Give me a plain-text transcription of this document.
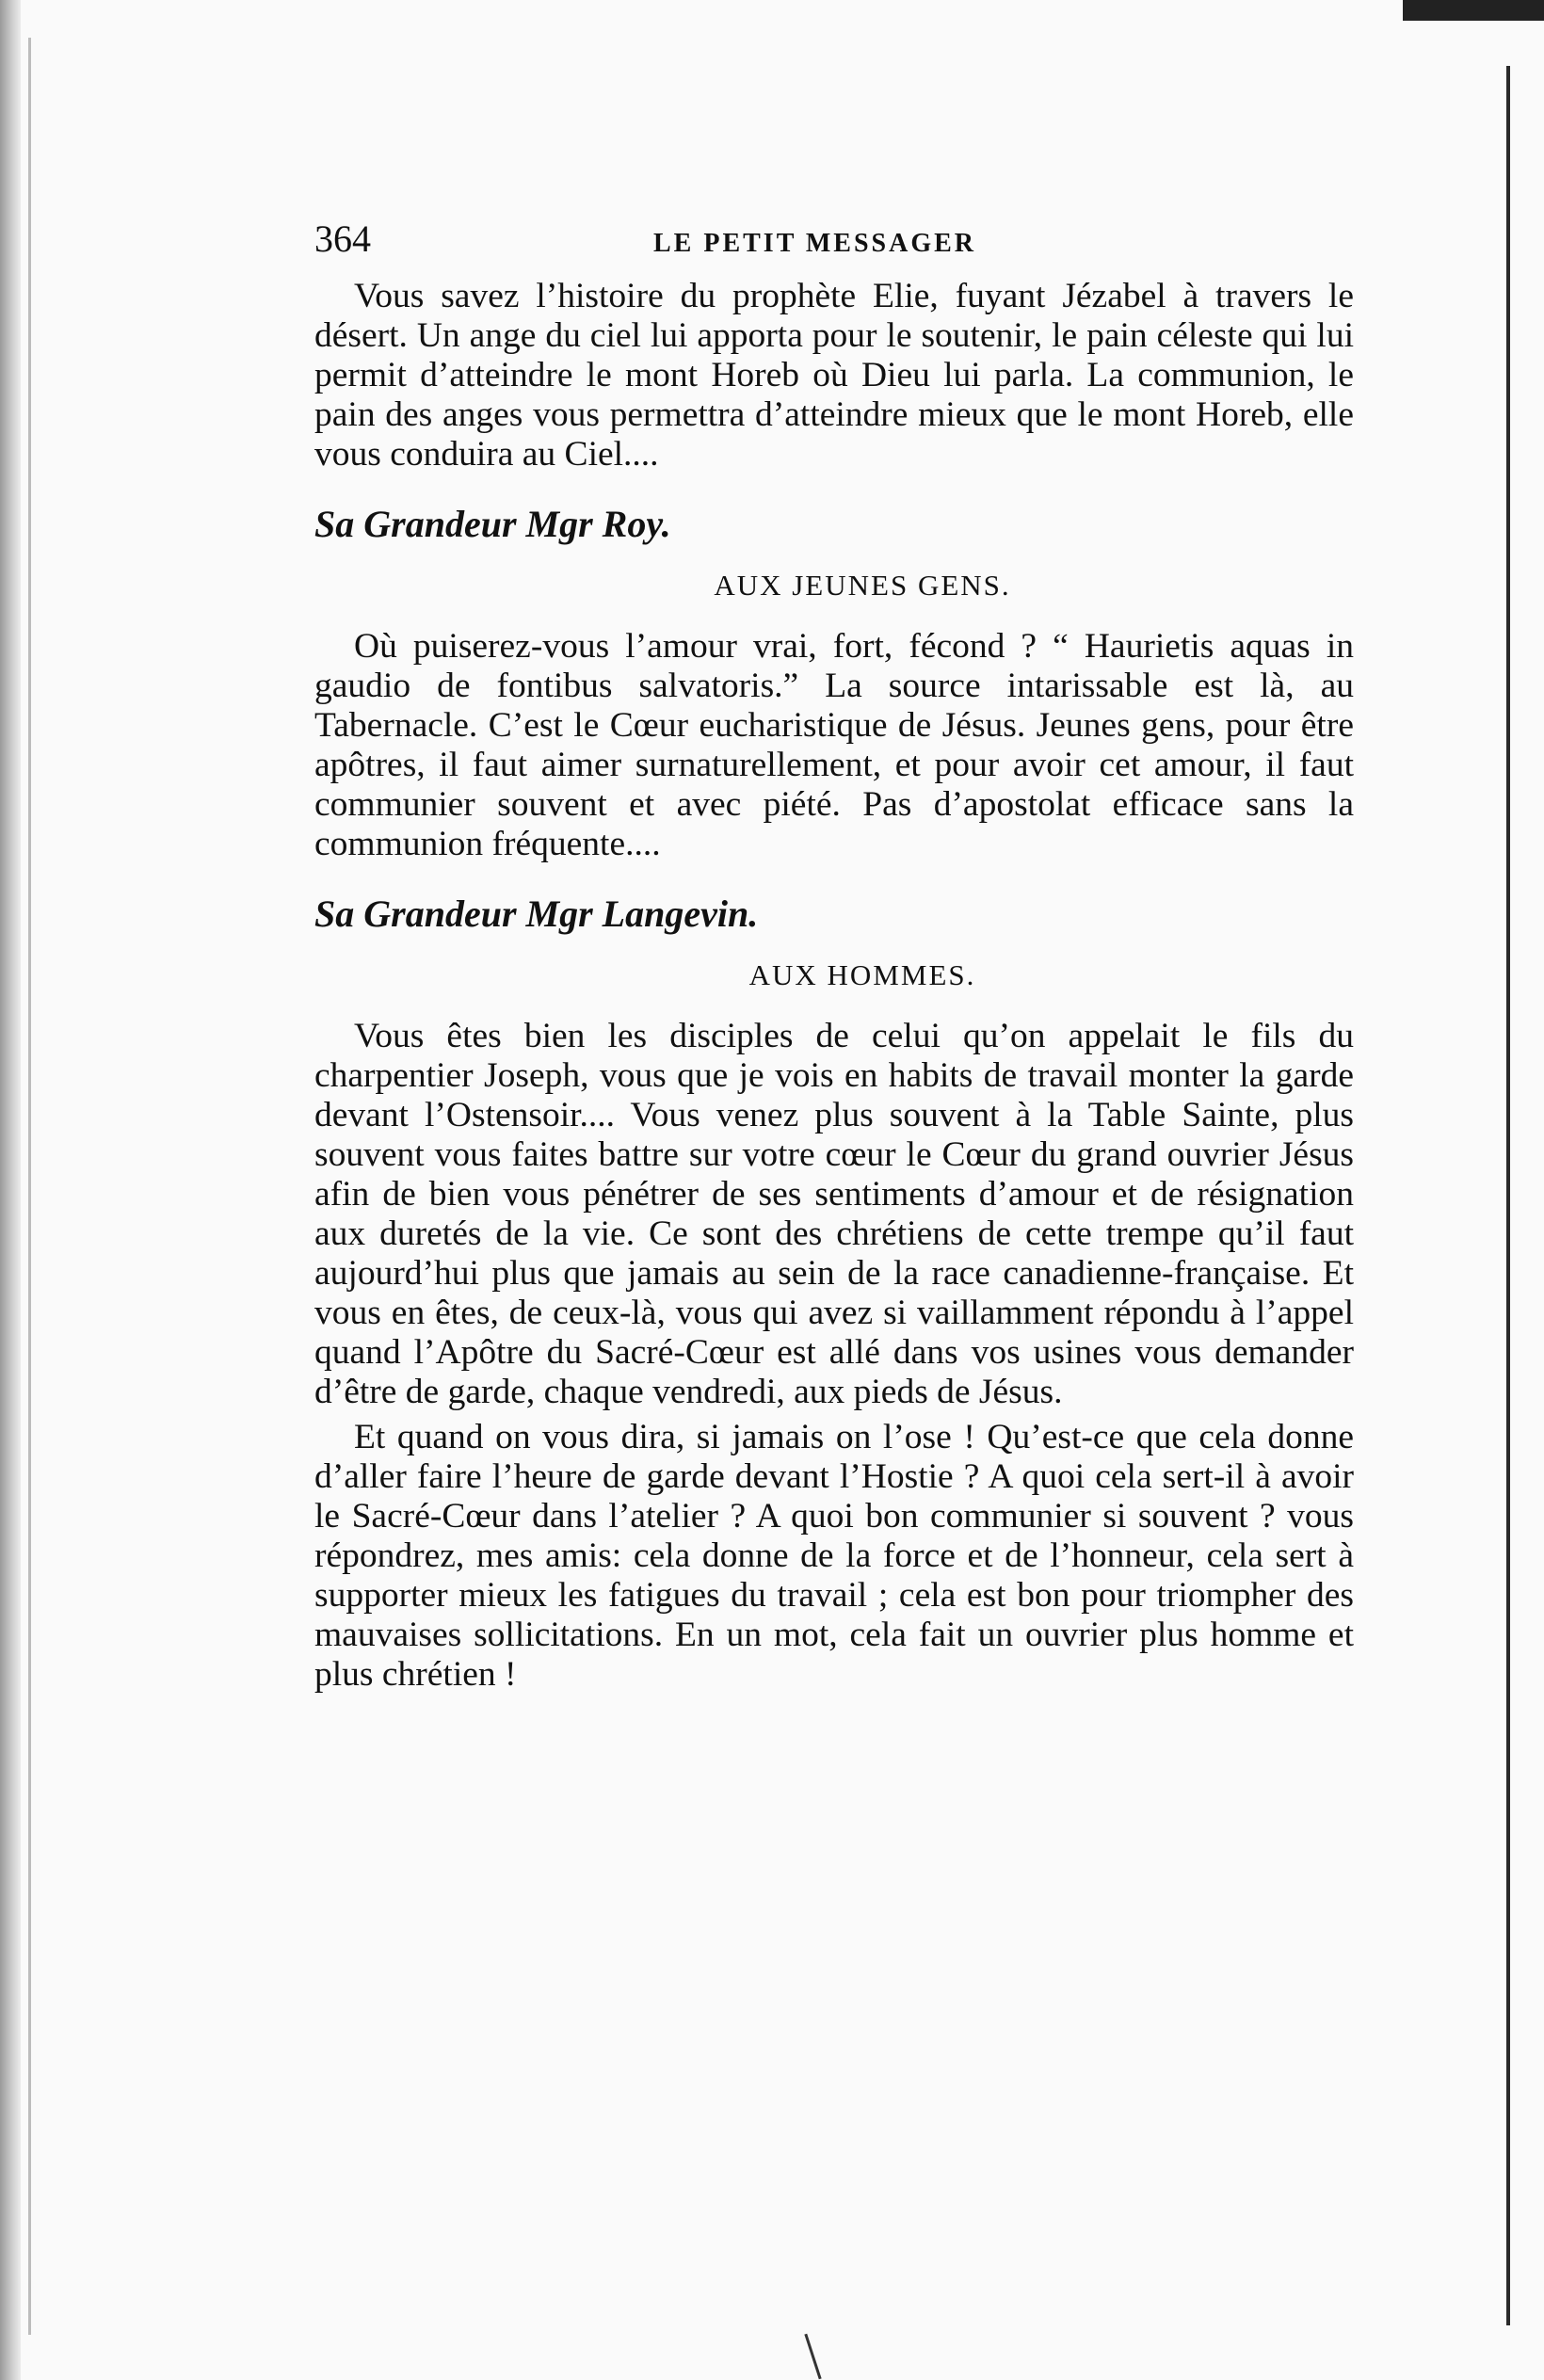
364	LE PETIT MESSAGER

Vous savez l’histoire du prophète Elie, fuyant Jézabel à travers le désert. Un ange du ciel lui apporta pour le soutenir, le pain céleste qui lui permit d’atteindre le mont Horeb où Dieu lui parla. La communion, le pain des anges vous permettra d’atteindre mieux que le mont Horeb, elle vous conduira au Ciel....

Sa Grandeur Mgr Roy.

AUX JEUNES GENS.

Où puiserez-vous l’amour vrai, fort, fécond ? “ Haurietis aquas in gaudio de fontibus salvatoris.” La source intarissable est là, au Tabernacle. C’est le Cœur eucharistique de Jésus. Jeunes gens, pour être apôtres, il faut aimer surnaturellement, et pour avoir cet amour, il faut communier souvent et avec piété. Pas d’apostolat efficace sans la communion fréquente....

Sa Grandeur Mgr Langevin.

AUX HOMMES.

Vous êtes bien les disciples de celui qu’on appelait le fils du charpentier Joseph, vous que je vois en habits de travail monter la garde devant l’Ostensoir.... Vous venez plus souvent à la Table Sainte, plus souvent vous faites battre sur votre cœur le Cœur du grand ouvrier Jésus afin de bien vous pénétrer de ses sentiments d’amour et de résignation aux duretés de la vie. Ce sont des chrétiens de cette trempe qu’il faut aujourd’hui plus que jamais au sein de la race canadienne-française. Et vous en êtes, de ceux-là, vous qui avez si vaillamment répondu à l’appel quand l’Apôtre du Sacré-Cœur est allé dans vos usines vous demander d’être de garde, chaque vendredi, aux pieds de Jésus.

Et quand on vous dira, si jamais on l’ose ! Qu’est-ce que cela donne d’aller faire l’heure de garde devant l’Hostie ? A quoi cela sert-il à avoir le Sacré-Cœur dans l’atelier ? A quoi bon communier si souvent ? vous répondrez, mes amis: cela donne de la force et de l’honneur, cela sert à supporter mieux les fatigues du travail ; cela est bon pour triompher des mauvaises sollicitations. En un mot, cela fait un ouvrier plus homme et plus chrétien !
